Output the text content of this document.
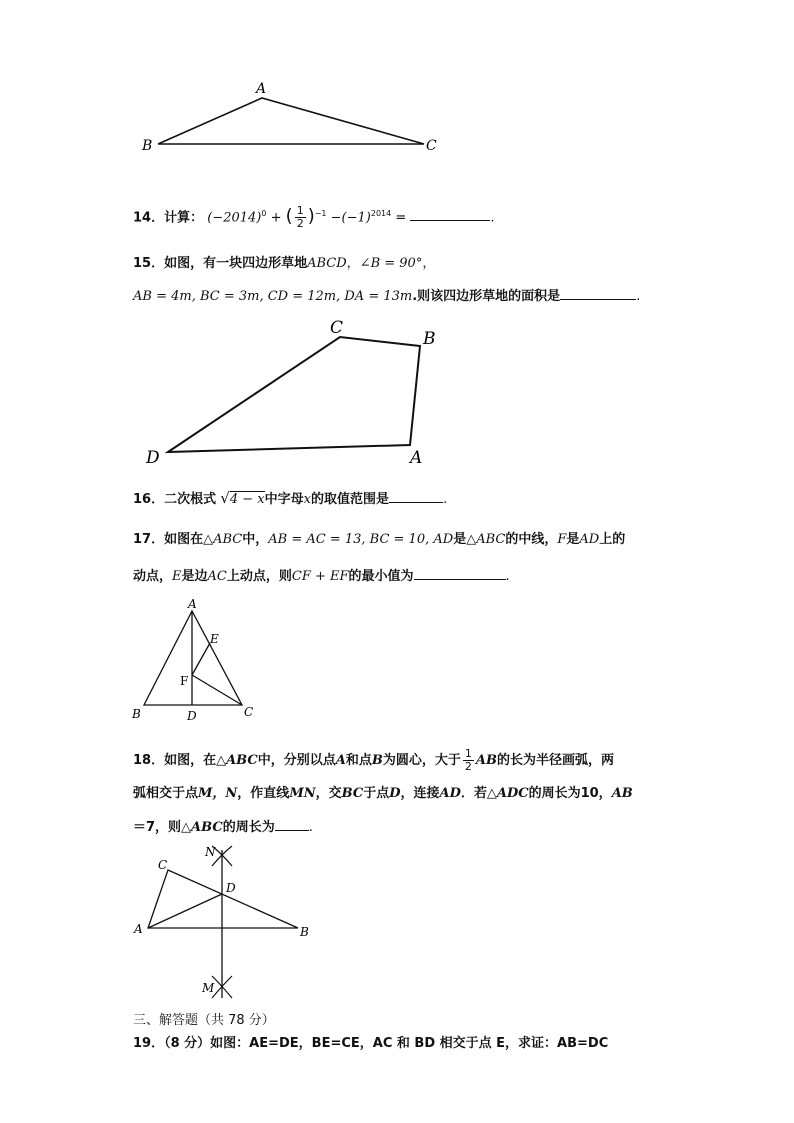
A
B	C
14．计算： $(-2014)^0$ + ( $\frac{1}{2} )^{-1} -(-1)^{2014}$ =	.
15．如图，有一块四边形草地ABCD，∠B = 90°，
AB = 4m, BC = 3m, CD = 12m, DA = 13m.则该四边形草地的面积是	.
C
B
D	A
16．二次根式 √4 − x中字母x的取值范围是	.
17．如图在△ABC中，AB = AC = 13, BC = 10, AD是△ABC的中线，F是AD上的
动点，E是边AC上动点，则CF + EF的最小值为	.
A
E
F
B	D	C
18．如图，在△ABC中，分别以点A和点B为圆心，大于 $\frac{1}{2}$ AB的长为半径画弧，两
弧相交于点M，N，作直线MN，交BC于点D，连接AD．若△ADC的周长为10，AB
＝7，则△ABC的周长为	.
N
C
D
A	B
M
三、解答题（共 78 分）
19．（8 分）如图：AE=DE，BE=CE，AC 和 BD 相交于点 E，求证：AB=DC
